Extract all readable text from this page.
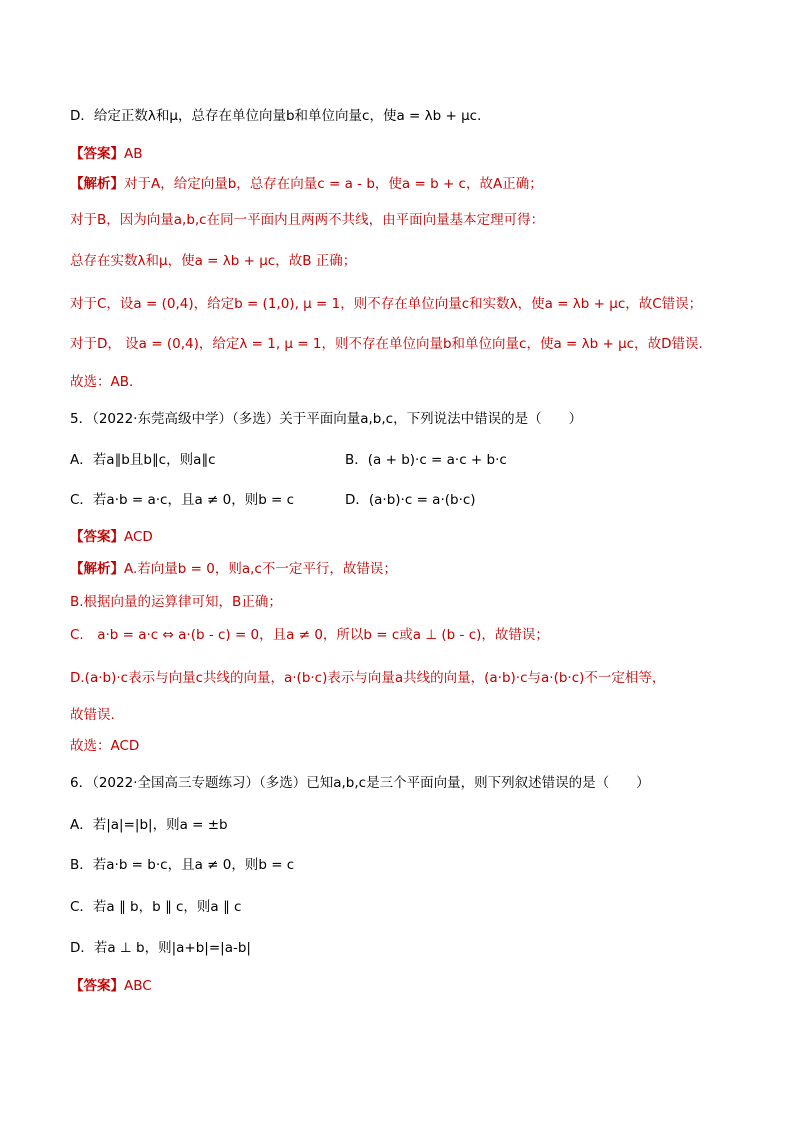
D．给定正数λ和μ，总存在单位向量b和单位向量c，使a = λb + μc．
【答案】AB
【解析】对于A，给定向量b，总存在向量c = a - b，使a = b + c，故A正确；
对于B，因为向量a,b,c在同一平面内且两两不共线，由平面向量基本定理可得：
总存在实数λ和μ，使a = λb + μc，故B 正确；
对于C，设a = (0,4)，给定b = (1,0), μ = 1，则不存在单位向量c和实数λ，使a = λb + μc，故C错误；
对于D， 设a = (0,4)，给定λ = 1, μ = 1，则不存在单位向量b和单位向量c，使a = λb + μc，故D错误．
故选：AB．
5．（2022·东莞高级中学）（多选）关于平面向量a,b,c，下列说法中错误的是（　　）
A．若a∥b且b∥c，则a∥c	B．(a + b)·c = a·c + b·c
C．若a·b = a·c，且a ≠ 0，则b = c	D．(a·b)·c = a·(b·c)
【答案】ACD
【解析】A.若向量b = 0，则a,c不一定平行，故错误；
B.根据向量的运算律可知，B正确；
C.　a·b = a·c ⇔ a·(b - c) = 0，且a ≠ 0，所以b = c或a ⊥ (b - c)，故错误；
D.(a·b)·c表示与向量c共线的向量，a·(b·c)表示与向量a共线的向量，(a·b)·c与a·(b·c)不一定相等，
故错误.
故选：ACD
6．（2022·全国高三专题练习）（多选）已知a,b,c是三个平面向量，则下列叙述错误的是（　　）
A．若|a|=|b|，则a = ±b
B．若a·b = b·c，且a ≠ 0，则b = c
C．若a ∥ b，b ∥ c，则a ∥ c
D．若a ⊥ b，则|a+b|=|a-b|
【答案】ABC
